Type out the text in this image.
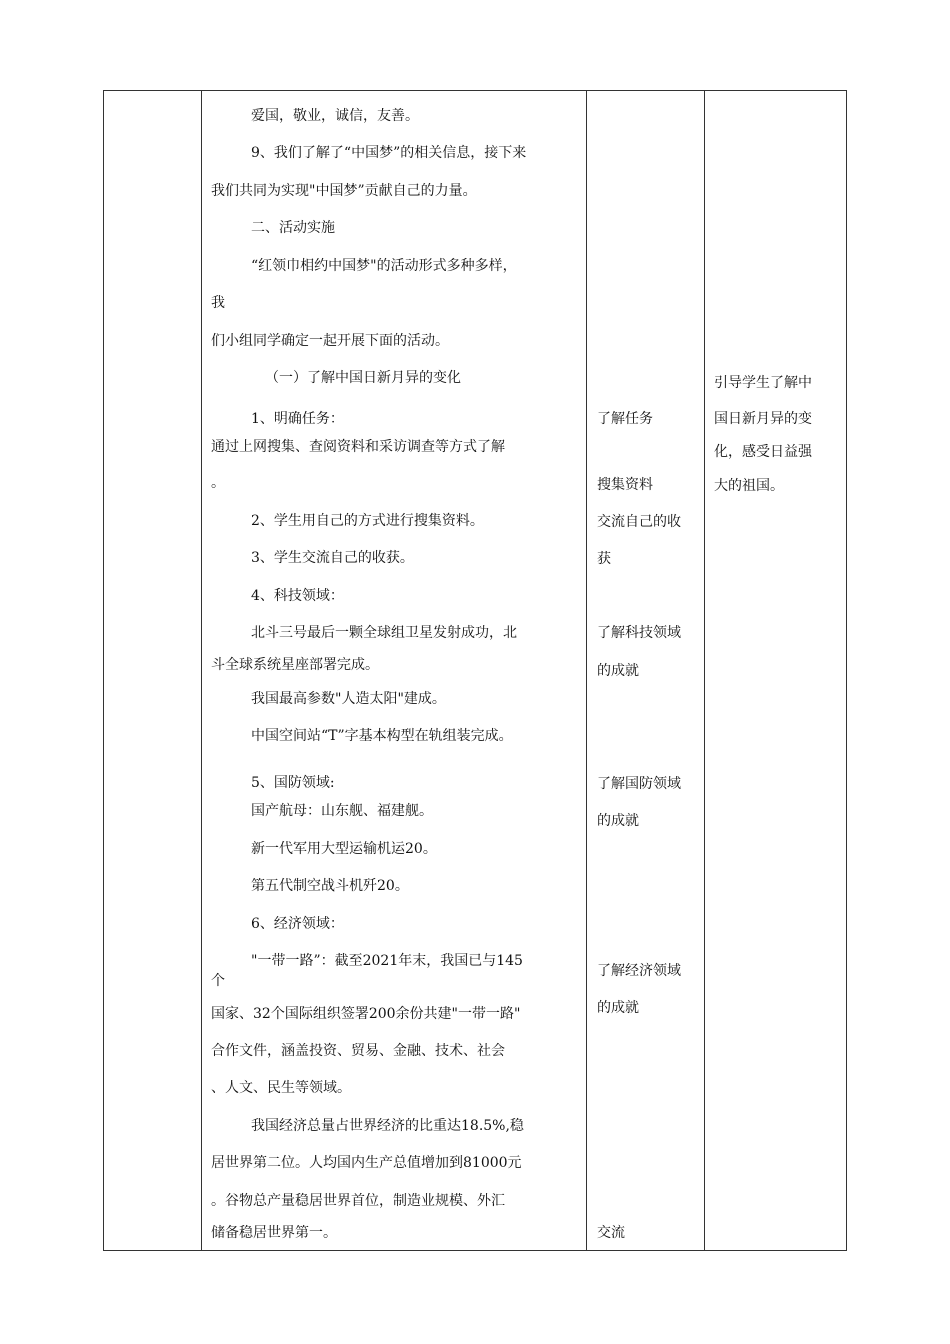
爱国，敬业，诚信，友善。
9、我们了解了“中国梦”的相关信息，接下来
我们共同为实现"中国梦”贡献自己的力量。
二、活动实施
“红领巾相约中国梦"的活动形式多种多样，
我
们小组同学确定一起开展下面的活动。
（一）了解中国日新月异的变化
1、明确任务：
通过上网搜集、查阅资料和采访调查等方式了解
。
2、学生用自己的方式进行搜集资料。
3、学生交流自己的收获。
4、科技领域：
北斗三号最后一颗全球组卫星发射成功，北
斗全球系统星座部署完成。
我国最高参数"人造太阳"建成。
中国空间站“T”字基本构型在轨组装完成。
5、国防领域:
国产航母：山东舰、福建舰。
新一代军用大型运输机运20。
第五代制空战斗机歼20。
6、经济领域：
"一带一路”：截至2021年末，我国已与145
个
国家、32个国际组织签署200余份共建"一带一路"
合作文件，涵盖投资、贸易、金融、技术、社会
、人文、民生等领域。
我国经济总量占世界经济的比重达18.5%,稳
居世界第二位。人均国内生产总值增加到81000元
。谷物总产量稳居世界首位，制造业规模、外汇
储备稳居世界第一。
了解任务
搜集资料
交流自己的收
获
了解科技领域
的成就
了解国防领域
的成就
了解经济领域
的成就
交流
引导学生了解中
国日新月异的变
化，感受日益强
大的祖国。
